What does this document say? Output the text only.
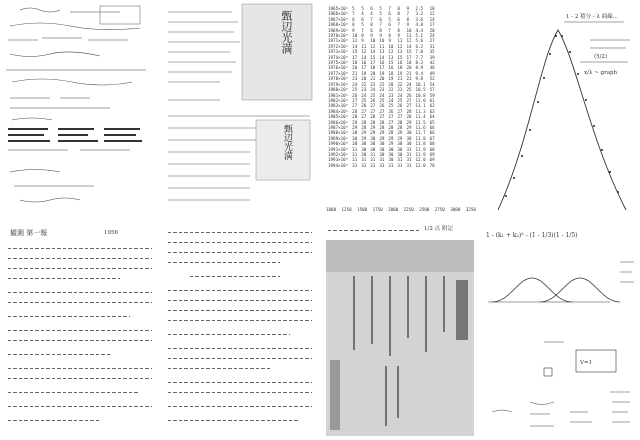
甄辺光満
甄辺光満
1965×10³	5	5	6	5	7	8	9	2.5	10
1966×10³	7	4	4	5	6	8	7	3.2	12
1967×10³	6	6	7	6	5	6	8	3.6	14
1968×10³	8	5	8	7	6	7	9	4.0	17
1969×10³	9	7	6	8	7	8	10	4.4	20
1970×10³	10	8	9	9	8	9	11	5.1	24
1971×10³	12	9	10	10	9	11	12	5.6	27
1972×10³	14	11	12	11	10	12	14	6.2	31
1973×10³	15	12	14	13	12	13	15	7.0	35
1974×10³	17	14	15	14	13	15	17	7.7	39
1975×10³	18	16	17	16	15	16	18	8.3	42
1976×10³	20	17	18	17	16	18	20	8.9	46
1977×10³	21	19	20	19	18	19	21	9.4	49
1978×10³	23	20	21	20	19	21	23	9.8	52
1979×10³	24	22	23	22	20	22	24	10.1	54
1980×10³	25	23	24	23	22	23	25	10.5	57
1981×10³	26	24	25	24	23	24	26	10.8	59
1982×10³	27	25	26	25	24	25	27	11.0	61
1983×10³	27	26	27	26	25	26	27	11.1	62
1984×10³	28	27	27	27	26	27	28	11.3	63
1985×10³	28	27	28	27	27	27	28	11.4	64
1986×10³	29	28	28	28	27	28	29	11.5	65
1987×10³	29	28	29	28	28	28	29	11.6	66
1988×10³	30	29	29	29	28	29	30	11.7	66
1989×10³	30	29	30	29	29	29	30	11.8	67
1990×10³	30	30	30	30	29	30	30	11.8	68
1991×10³	31	30	30	30	30	30	31	11.9	68
1992×10³	31	30	31	30	30	30	31	11.9	69
1993×10³	31	31	31	31	30	31	31	12.0	69
1994×10³	31	31	31	31	31	31	31	12.0	70
1000 1250 1500 1750 2000 2250 2500 2750 3000 3250
1 - 2 積分 - λ 曲線...
(5/2)
x/λ ~ graph
観測 第一報	1956
1/2 点 附記
1 - (k₁ + k₂)² - (1 - 1/3)(1 - 1/5)
V=1
